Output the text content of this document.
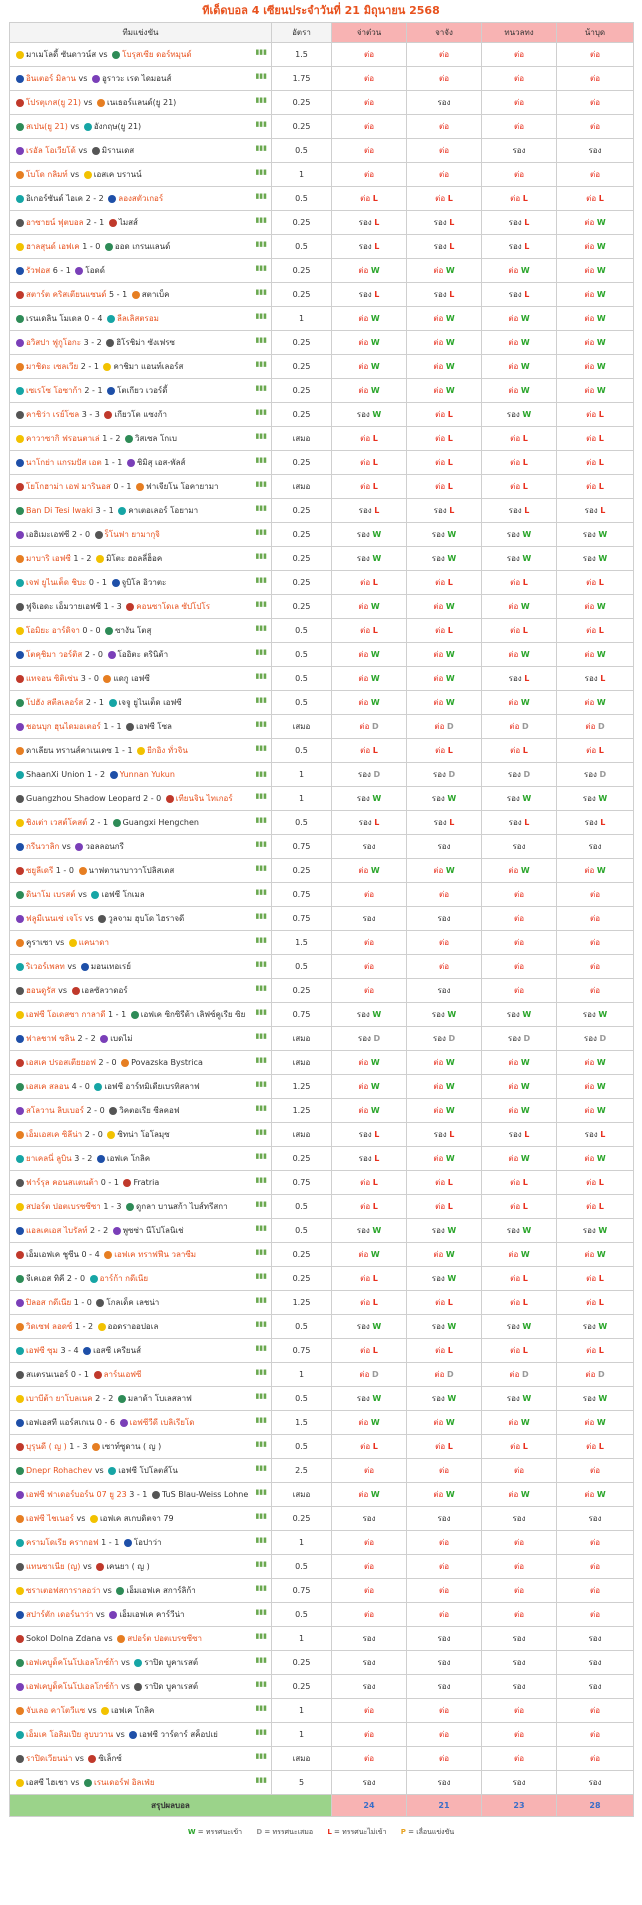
ทีเด็ดบอล 4 เซียนประจำวันที่ 21 มิถุนายน 2568
ทีมแข่งขัน	อัตรา	จ่าต๋วน	จาจัง	ทนวลทง	น้าบุด
มาเมโลดี้ ซันดาวน์ส vs โบรุสเซีย ดอร์ทมุนด์ ▮▮▮	1.5	ต่อ	ต่อ	ต่อ	ต่อ
อินเตอร์ มิลาน vs อูราวะ เรด ไดมอนส์ ▮▮▮	1.75	ต่อ	ต่อ	ต่อ	ต่อ
โปรตุเกส(ยู 21) vs เนเธอร์แลนด์(ยู 21) ▮▮▮	0.25	ต่อ	รอง	ต่อ	ต่อ
สเปน(ยู 21) vs อังกฤษ(ยู 21) ▮▮▮	0.25	ต่อ	ต่อ	ต่อ	ต่อ
เรอัล โอเวียโด้ vs มิรานเดส ▮▮▮	0.5	ต่อ	ต่อ	รอง	รอง
โบโด กลิมท์ vs เอสเค บรานน์ ▮▮▮	1	ต่อ	ต่อ	ต่อ	ต่อ
อิเกอร์ซันด์ ไอเค 2 - 2 ลองสตัวเกอร์ ▮▮▮	0.5	ต่อ L	ต่อ L	ต่อ L	ต่อ L
อาซายน์ ฟุตบอล 2 - 1 ไมสส์ ▮▮▮	0.25	รอง L	รอง L	รอง L	ต่อ W
ฮาลสุนด์ เอฟเค 1 - 0 ออด เกรนแลนด์ ▮▮▮	0.5	รอง L	รอง L	รอง L	ต่อ W
รัวฟอส 6 - 1 โอดด์ ▮▮▮	0.25	ต่อ W	ต่อ W	ต่อ W	ต่อ W
สตาร์ต คริสเตียนแซนด์ 5 - 1 สตาเบ็ค ▮▮▮	0.25	รอง L	รอง L	รอง L	ต่อ W
เรนเดลิน โมเดล 0 - 4 ลีลเลิสตรอม ▮▮▮	1	ต่อ W	ต่อ W	ต่อ W	ต่อ W
อวิสปา ฟูกูโอกะ 3 - 2 ฮิโรชิม่า ซังเฟรซ ▮▮▮	0.25	ต่อ W	ต่อ W	ต่อ W	ต่อ W
มาชิดะ เซลเวีย 2 - 1 คาชิมา แอนท์เลอร์ส ▮▮▮	0.25	ต่อ W	ต่อ W	ต่อ W	ต่อ W
เซเรโซ โอซาก้า 2 - 1 โตเกียว เวอร์ดี้ ▮▮▮	0.25	ต่อ W	ต่อ W	ต่อ W	ต่อ W
คาชิว่า เรย์โซล 3 - 3 เกียวโต แซงก้า ▮▮▮	0.25	รอง W	ต่อ L	รอง W	ต่อ L
คาวาซากิ ฟรอนตาเล่ 1 - 2 วิสเซล โกเบ ▮▮▮	เสมอ	ต่อ L	ต่อ L	ต่อ L	ต่อ L
นาโกย่า แกรมปัส เอต 1 - 1 ชิมิสุ เอส-พัลส์ ▮▮▮	0.25	ต่อ L	ต่อ L	ต่อ L	ต่อ L
โยโกฮาม่า เอฟ มารินอส 0 - 1 ฟาเจียโน โอคายามา ▮▮▮	เสมอ	ต่อ L	ต่อ L	ต่อ L	ต่อ L
Ban Di Tesi Iwaki 3 - 1 คาเตอเลอร์ โอยามา ▮▮▮	0.25	รอง L	รอง L	รอง L	รอง L
เอฮิเมะเอฟซี 2 - 0 ร็โนฟา ยามากุจิ ▮▮▮	0.25	รอง W	รอง W	รอง W	รอง W
มาบาริ เอฟซี 1 - 2 มิโตะ ฮอลลี่ฮ็อค ▮▮▮	0.25	รอง W	รอง W	รอง W	รอง W
เจฟ ยูไนเต็ด ชิบะ 0 - 1 จูบิโล อิวาตะ ▮▮▮	0.25	ต่อ L	ต่อ L	ต่อ L	ต่อ L
ฟูจิเอดะ เอ็มวายเอฟซี 1 - 3 คอนซาโดเล ซัปโปโร ▮▮▮	0.25	ต่อ W	ต่อ W	ต่อ W	ต่อ W
โอมิยะ อาร์ดิจา 0 - 0 ซางัน โตสุ ▮▮▮	0.5	ต่อ L	ต่อ L	ต่อ L	ต่อ L
โตคุชิมา วอร์ติส 2 - 0 โออิตะ ตรินิต้า ▮▮▮	0.5	ต่อ W	ต่อ W	ต่อ W	ต่อ W
แทจอน ซิติเซ่น 3 - 0 แดกู เอฟซี ▮▮▮	0.5	ต่อ W	ต่อ W	รอง L	รอง L
โปฮัง สตีลเลอร์ส 2 - 1 เจจู ยูไนเต็ด เอฟซี ▮▮▮	0.5	ต่อ W	ต่อ W	ต่อ W	ต่อ W
ชอนบุก ฮุนไดมอเตอร์ 1 - 1 เอฟซี โซล ▮▮▮	เสมอ	ต่อ D	ต่อ D	ต่อ D	ต่อ D
ดาเลียน ทรานส์คาเนเดซ 1 - 1 ยีกอิง ทั่วจิน ▮▮▮	0.5	ต่อ L	ต่อ L	ต่อ L	ต่อ L
ShaanXi Union 1 - 2 Yunnan Yukun ▮▮▮	1	รอง D	รอง D	รอง D	รอง D
Guangzhou Shadow Leopard 2 - 0 เทียนจิน ไทเกอร์ ▮▮▮	1	รอง W	รอง W	รอง W	รอง W
ชิงเต่า เวสต์โคสต์ 2 - 1 Guangxi Hengchen ▮▮▮	0.5	รอง L	รอง L	รอง L	รอง L
กรีนวาลิก vs วอลลอนกรี ▮▮▮	0.75	รอง	รอง	รอง	รอง
ซยูลีเดรี 1 - 0 นาฟตานาบาวาโปลิสเดส ▮▮▮	0.25	ต่อ W	ต่อ W	ต่อ W	ต่อ W
ดินาโม เบรสต์ vs เอฟซี โกเมล ▮▮▮	0.75	ต่อ	ต่อ	ต่อ	ต่อ
ฟลูมีเนนเซ่ เจโร vs วูลจาม ฮุบโด ไฮราจดี ▮▮▮	0.75	รอง	รอง	ต่อ	ต่อ
คูราเซา vs แคนาดา ▮▮▮	1.5	ต่อ	ต่อ	ต่อ	ต่อ
ริเวอร์เพลท vs มอนเทอเรย์ ▮▮▮	0.5	ต่อ	ต่อ	ต่อ	ต่อ
ฮอนดูรัส vs เอลซัลวาดอร์ ▮▮▮	0.25	ต่อ	รอง	ต่อ	ต่อ
เอฟซี โอเดสซา กาลาดี 1 - 1 เอฟเค ซิกซิรีต้า เลิฟซ์คูเรีย ซิย ▮▮▮	0.75	รอง W	รอง W	รอง W	รอง W
ฟาลชาฟ ซลิน 2 - 2 เบดไม่ ▮▮▮	เสมอ	รอง D	รอง D	รอง D	รอง D
เอสเค ปรอสเตียยอฟ 2 - 0 Povazska Bystrica ▮▮▮	เสมอ	ต่อ W	ต่อ W	ต่อ W	ต่อ W
เอสเค สลอน 4 - 0 เอฟซี อาร์ทมิเดียเบรทิสลาฟ ▮▮▮	1.25	ต่อ W	ต่อ W	ต่อ W	ต่อ W
สโลวาน ลิบเบอร์ 2 - 0 วิคตอเรีย ซีลคอฟ ▮▮▮	1.25	ต่อ W	ต่อ W	ต่อ W	ต่อ W
เอ็มเอสเค ซิลีน่า 2 - 0 ซิทน่า โอโลมุซ ▮▮▮	เสมอ	รอง L	รอง L	รอง L	รอง L
ยาเคลนี่ ลูบิน 3 - 2 เอฟเค โกลิค ▮▮▮	0.25	รอง L	ต่อ W	ต่อ W	ต่อ W
ฟาร์รุล คอนสแตนต้า 0 - 1 Fratria ▮▮▮	0.75	ต่อ L	ต่อ L	ต่อ L	ต่อ L
สปอร์ต ปอตเบรซซีซา 1 - 3 ดูกลา บานสก้า ไบส์ทรีสกา ▮▮▮	0.5	ต่อ L	ต่อ L	ต่อ L	ต่อ L
แอลเคเอส ไบรัลท์ 2 - 2 พูซซ่า นีโปโลนิเช่ ▮▮▮	0.5	รอง W	รอง W	รอง W	รอง W
เอ็มเอฟเค ชูซีน 0 - 4 เอฟเค ทราฟฟีน วลาซีม ▮▮▮	0.25	ต่อ W	ต่อ W	ต่อ W	ต่อ W
จีเคเอส ทิคี 2 - 0 อาร์ก้า กดีเนีย ▮▮▮	0.25	ต่อ L	รอง W	ต่อ L	ต่อ L
ปิลอส กดีเนีย 1 - 0 โกลเด็ค เลชน่า ▮▮▮	1.25	ต่อ L	ต่อ L	ต่อ L	ต่อ L
วิดเซฟ ลอดซ์ 1 - 2 ออดราออปอเล ▮▮▮	0.5	รอง W	รอง W	รอง W	รอง W
เอฟซี ซุม 3 - 4 เอสซี เครียนส์ ▮▮▮	0.75	ต่อ L	ต่อ L	ต่อ L	ต่อ L
สแตรนเนอร์ 0 - 1 ลาร์นเอฟซี ▮▮▮	1	ต่อ D	ต่อ D	ต่อ D	ต่อ D
เบาบีต้า ยาโบลเนค 2 - 2 มลาด้า โบเลสลาฟ ▮▮▮	0.5	รอง W	รอง W	รอง W	รอง W
เอฟเอสที แอร์สเกเน 0 - 6 เอฟซีวีดี เบลิเรียโด ▮▮▮	1.5	ต่อ W	ต่อ W	ต่อ W	ต่อ W
บุรุนดี ( ญ ) 1 - 3 เซาท์ซูดาน ( ญ ) ▮▮▮	0.5	ต่อ L	ต่อ L	ต่อ L	ต่อ L
Dnepr Rohachev vs เอฟซี โปโลตส์โน ▮▮▮	2.5	ต่อ	ต่อ	ต่อ	ต่อ
เอฟซี ฟาเดอร์บอร์น 07 ยู 23 3 - 1 TuS Blau-Weiss Lohne ▮▮▮	เสมอ	ต่อ W	ต่อ W	ต่อ W	ต่อ W
เอฟซี ไชเนอร์ vs เอฟเค สเกบดิตจา 79 ▮▮▮	0.25	รอง	รอง	รอง	รอง
ครามโดเรีย ครากอฟ 1 - 1 โอปาว่า ▮▮▮	1	ต่อ	ต่อ	ต่อ	ต่อ
แทนซาเนีย (ญ) vs เคนยา ( ญ ) ▮▮▮	0.5	ต่อ	ต่อ	ต่อ	ต่อ
ซราเตอฟสการาลอว่า vs เอ็มเอฟเค สการ์ลิก้า ▮▮▮	0.75	ต่อ	ต่อ	ต่อ	ต่อ
สปาร์ตัก เดอร์นาว่า vs เอ็มเอฟเค คาร์วีน่า ▮▮▮	0.5	ต่อ	ต่อ	ต่อ	ต่อ
Sokol Dolna Zdana vs สปอร์ต ปอตเบรซซีซา ▮▮▮	1	รอง	รอง	รอง	รอง
เอฟเคบูด็คโนโปเอลโกซ์ก้า vs ราปิด บูคาเรสต์ ▮▮▮	0.25	รอง	รอง	รอง	รอง
เอฟเคบูด็คโนโปเอลโกซ์ก้า vs ราปิด บูคาเรสต์ ▮▮▮	0.25	รอง	รอง	รอง	รอง
จับเลอ คาโตวีแซ vs เอฟเค โกลิค ▮▮▮	1	ต่อ	ต่อ	ต่อ	ต่อ
เอ็มเค โอลิมเปีย ลูบบวาน vs เอฟซี วาร์ดาร์ สค็อปเย่ ▮▮▮	1	ต่อ	ต่อ	ต่อ	ต่อ
ราปิดเวียนน่า vs ซิเล็กซ์ ▮▮▮	เสมอ	ต่อ	ต่อ	ต่อ	ต่อ
เอสซี ไฮเชา vs เรนเดอร์ฟ อิลเฟ่ย ▮▮▮	5	รอง	รอง	รอง	รอง
สรุปผลบอล		24	21	23	28
W = ทรรศนะเข้า D = ทรรศนะเสมอ L = ทรรศนะไม่เข้า P = เลื่อนแข่งขัน
